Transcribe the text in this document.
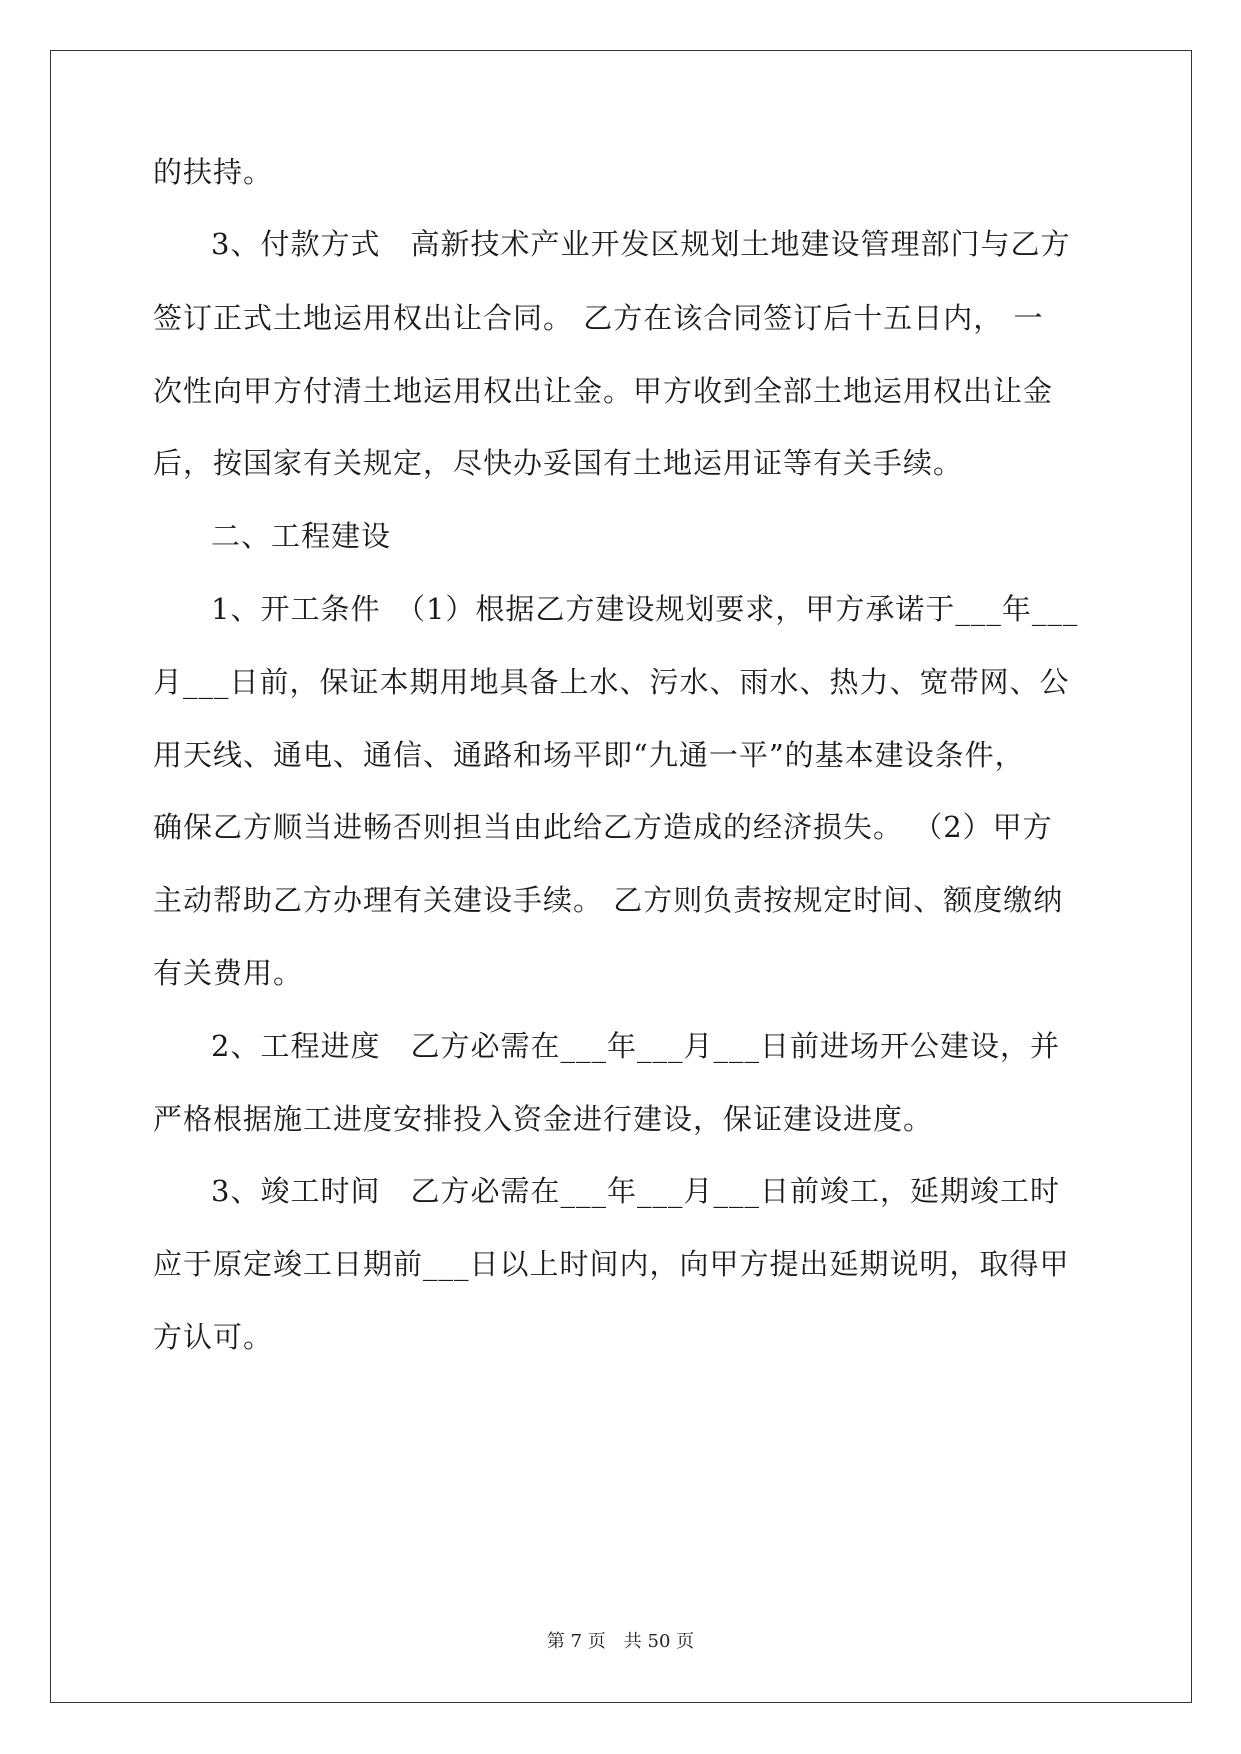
的扶持。
3、付款方式　高新技术产业开发区规划土地建设管理部门与乙方
签订正式土地运用权出让合同。 乙方在该合同签订后十五日内， 一
次性向甲方付清土地运用权出让金。甲方收到全部土地运用权出让金
后，按国家有关规定，尽快办妥国有土地运用证等有关手续。
二、工程建设
1、开工条件　（1）根据乙方建设规划要求，甲方承诺于___年___
月___日前，保证本期用地具备上水、污水、雨水、热力、宽带网、公
用天线、通电、通信、通路和场平即“九通一平”的基本建设条件，
确保乙方顺当进畅否则担当由此给乙方造成的经济损失。 （2）甲方
主动帮助乙方办理有关建设手续。 乙方则负责按规定时间、额度缴纳
有关费用。
2、工程进度　乙方必需在___年___月___日前进场开公建设，并
严格根据施工进度安排投入资金进行建设，保证建设进度。
3、竣工时间　乙方必需在___年___月___日前竣工，延期竣工时
应于原定竣工日期前___日以上时间内，向甲方提出延期说明，取得甲
方认可。
第 7 页　共 50 页
